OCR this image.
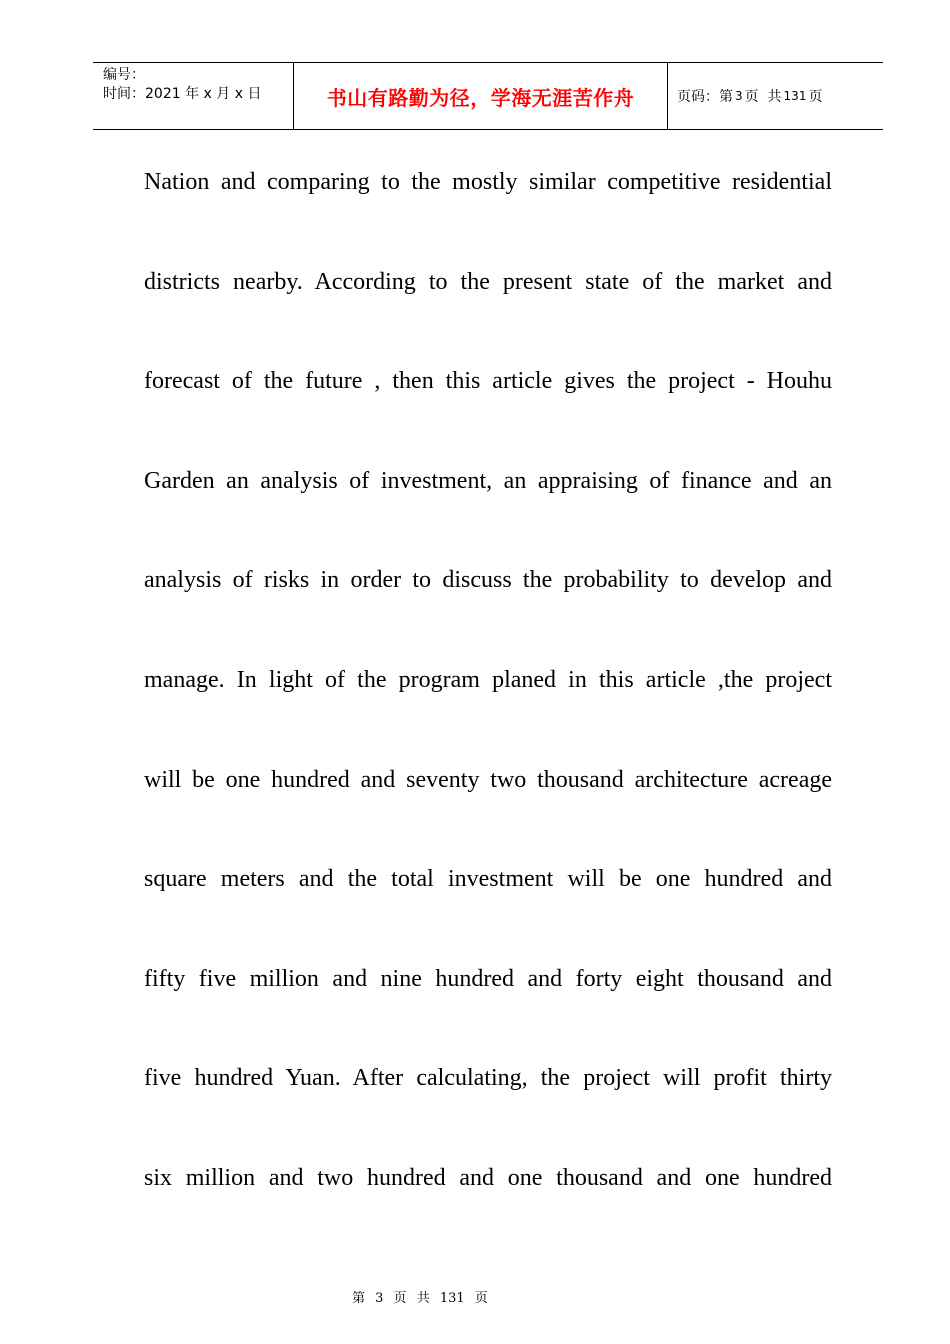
编号：
时间：2021 年 x 月 x 日	书山有路勤为径，学海无涯苦作舟	页码：第 3 页
共 131 页
Nation and comparing to the mostly similar competitive residential
districts nearby. According to the present state of the market and
forecast of the future , then this article gives the project - Houhu
Garden an analysis of investment, an appraising of finance and an
analysis of risks in order to discuss the probability to develop and
manage. In light of the program planed in this article ,the project
will be one hundred and seventy two thousand architecture acreage
square meters and the total investment will be one hundred and
fifty five million and nine hundred and forty eight thousand and
five hundred Yuan. After calculating, the project will profit thirty
six million and two hundred and one thousand and one hundred
第 3 页 共 131 页
